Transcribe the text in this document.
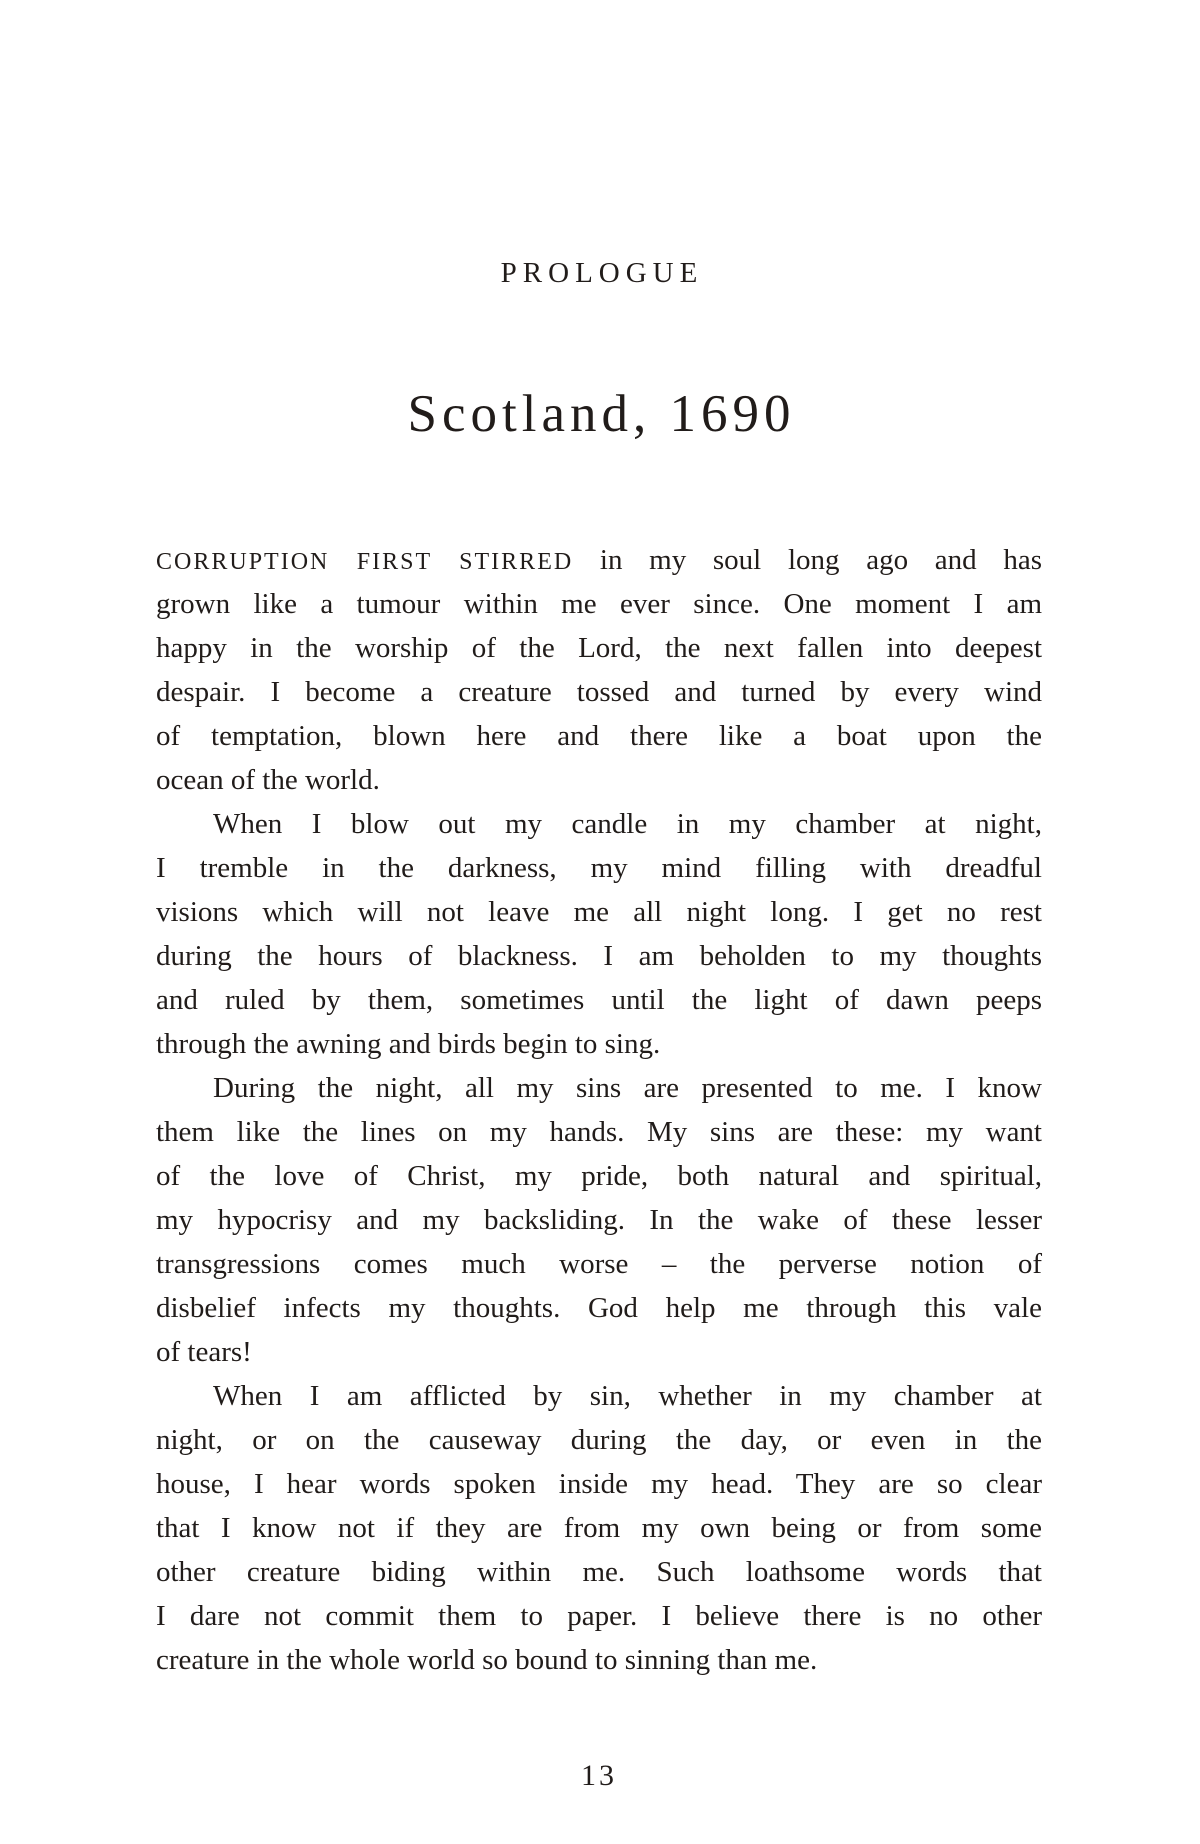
PROLOGUE
Scotland, 1690
CORRUPTION FIRST STIRRED in my soul long ago and has
grown like a tumour within me ever since. One moment I am
happy in the worship of the Lord, the next fallen into deepest
despair. I become a creature tossed and turned by every wind
of temptation, blown here and there like a boat upon the
ocean of the world.
When I blow out my candle in my chamber at night,
I tremble in the darkness, my mind filling with dreadful
visions which will not leave me all night long. I get no rest
during the hours of blackness. I am beholden to my thoughts
and ruled by them, sometimes until the light of dawn peeps
through the awning and birds begin to sing.
During the night, all my sins are presented to me. I know
them like the lines on my hands. My sins are these: my want
of the love of Christ, my pride, both natural and spiritual,
my hypocrisy and my backsliding. In the wake of these lesser
transgressions comes much worse – the perverse notion of
disbelief infects my thoughts. God help me through this vale
of tears!
When I am afflicted by sin, whether in my chamber at
night, or on the causeway during the day, or even in the
house, I hear words spoken inside my head. They are so clear
that I know not if they are from my own being or from some
other creature biding within me. Such loathsome words that
I dare not commit them to paper. I believe there is no other
creature in the whole world so bound to sinning than me.
13
